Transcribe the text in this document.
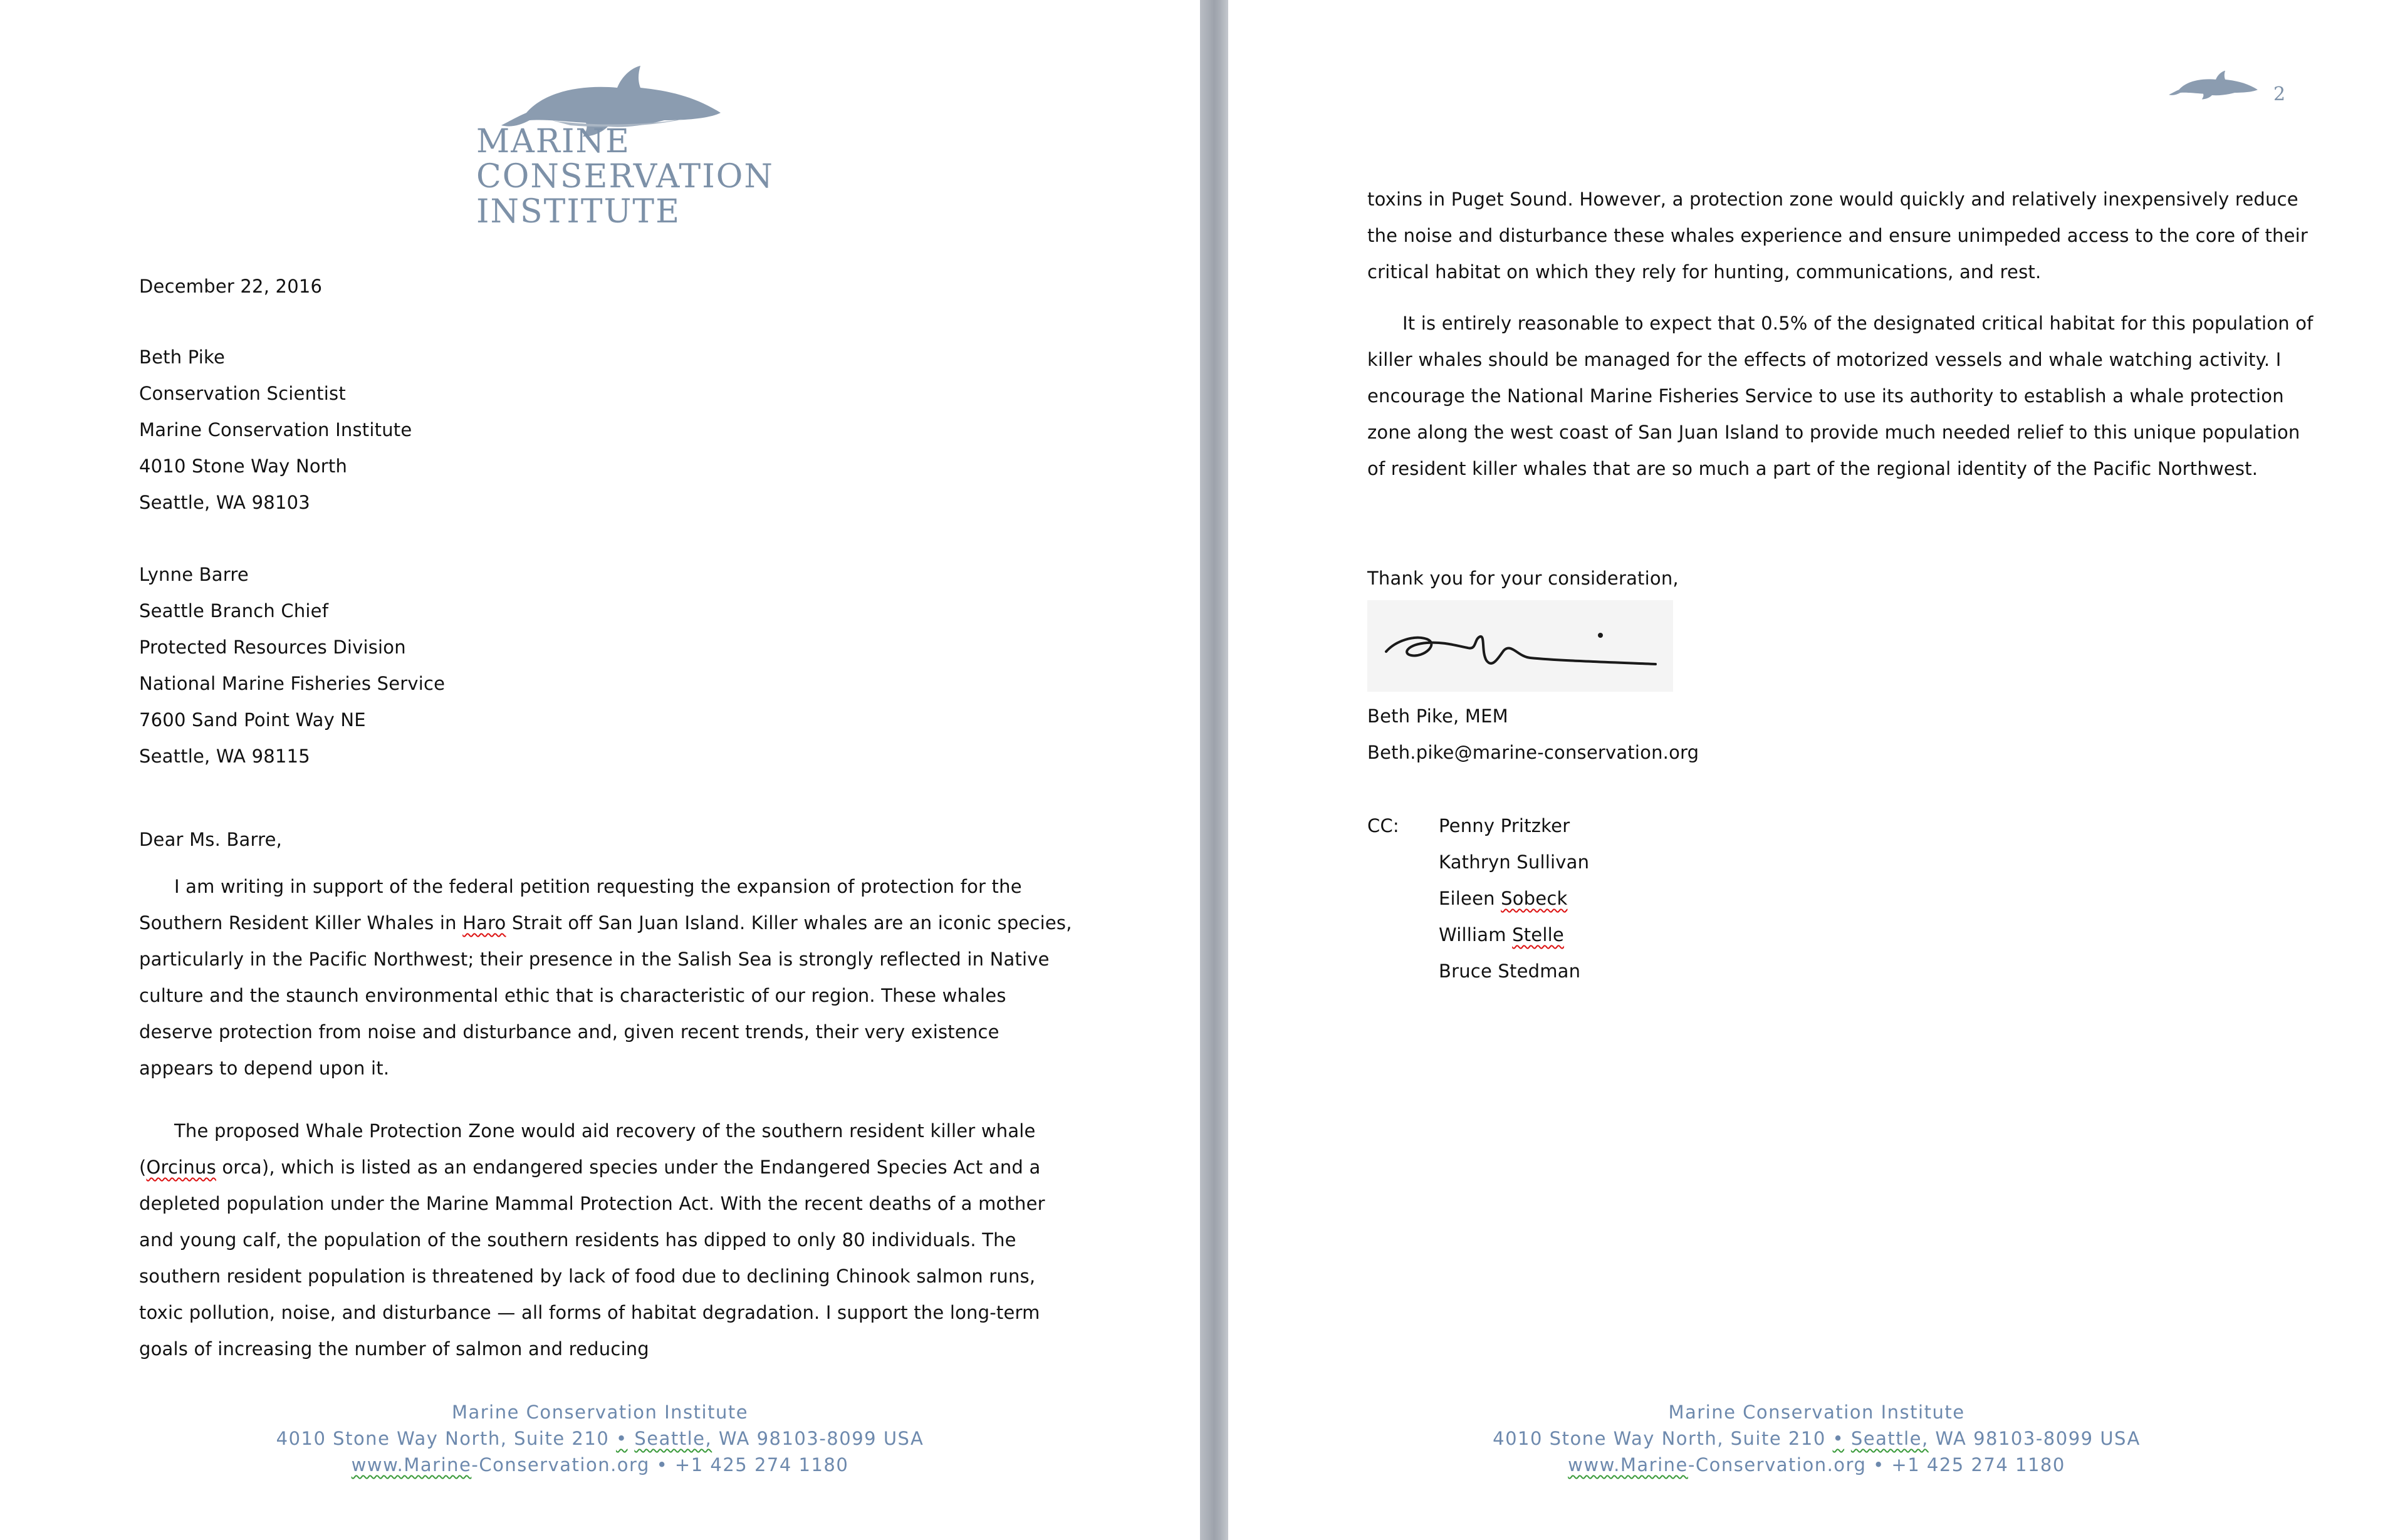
MARINE
CONSERVATION
INSTITUTE
December 22, 2016
Beth Pike
Conservation Scientist
Marine Conservation Institute
4010 Stone Way North
Seattle, WA 98103
Lynne Barre
Seattle Branch Chief
Protected Resources Division
National Marine Fisheries Service
7600 Sand Point Way NE
Seattle, WA 98115
Dear Ms. Barre,

I am writing in support of the federal petition requesting the expansion of protection for the Southern Resident Killer Whales in Haro Strait off San Juan Island. Killer whales are an iconic species, particularly in the Pacific Northwest; their presence in the Salish Sea is strongly reflected in Native culture and the staunch environmental ethic that is characteristic of our region. These whales deserve protection from noise and disturbance and, given recent trends, their very existence appears to depend upon it.

The proposed Whale Protection Zone would aid recovery of the southern resident killer whale (Orcinus orca), which is listed as an endangered species under the Endangered Species Act and a depleted population under the Marine Mammal Protection Act. With the recent deaths of a mother and young calf, the population of the southern residents has dipped to only 80 individuals. The southern resident population is threatened by lack of food due to declining Chinook salmon runs, toxic pollution, noise, and disturbance — all forms of habitat degradation. I support the long-term goals of increasing the number of salmon and reducing

Marine Conservation Institute
4010 Stone Way North, Suite 210 • Seattle, WA 98103-8099 USA
www.Marine-Conservation.org • +1 425 274 1180
2

toxins in Puget Sound. However, a protection zone would quickly and relatively inexpensively reduce the noise and disturbance these whales experience and ensure unimpeded access to the core of their critical habitat on which they rely for hunting, communications, and rest.

It is entirely reasonable to expect that 0.5% of the designated critical habitat for this population of killer whales should be managed for the effects of motorized vessels and whale watching activity. I encourage the National Marine Fisheries Service to use its authority to establish a whale protection zone along the west coast of San Juan Island to provide much needed relief to this unique population of resident killer whales that are so much a part of the regional identity of the Pacific Northwest.

Thank you for your consideration,
Beth Pike, MEM
Beth.pike@marine-conservation.org
CC: Penny Pritzker
Kathryn Sullivan
Eileen Sobeck
William Stelle
Bruce Stedman
Marine Conservation Institute
4010 Stone Way North, Suite 210 • Seattle, WA 98103-8099 USA
www.Marine-Conservation.org • +1 425 274 1180
